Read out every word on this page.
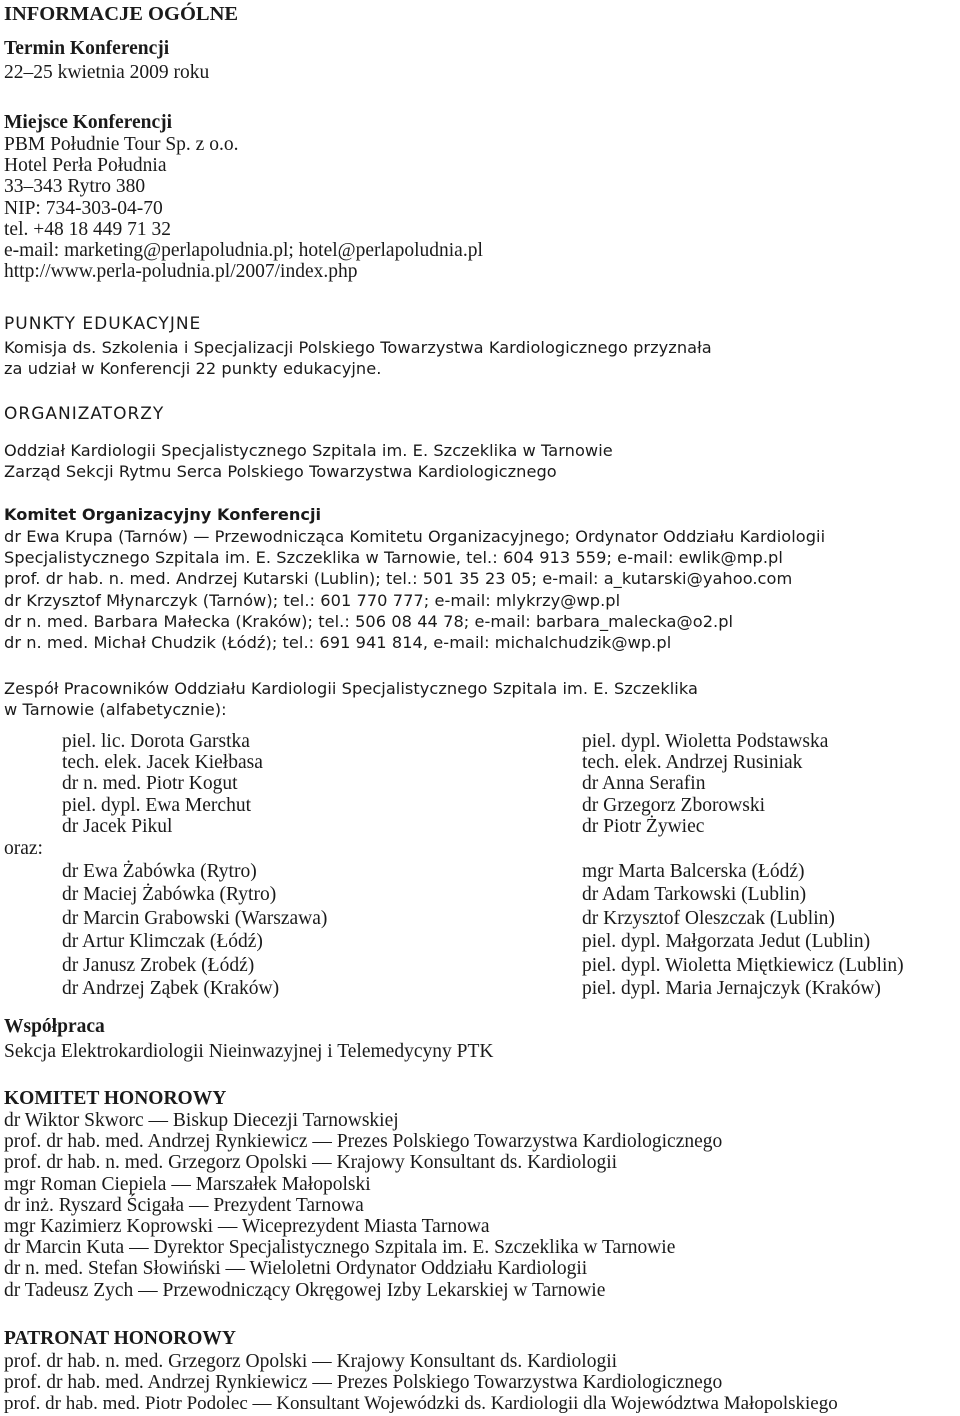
INFORMACJE OGÓLNE
Termin Konferencji
22–25 kwietnia 2009 roku
Miejsce Konferencji
PBM Południe Tour Sp. z o.o.
Hotel Perła Południa
33–343 Rytro 380
NIP: 734-303-04-70
tel. +48 18 449 71 32
e-mail: marketing@perlapoludnia.pl; hotel@perlapoludnia.pl
http://www.perla-poludnia.pl/2007/index.php
PUNKTY EDUKACYJNE
Komisja ds. Szkolenia i Specjalizacji Polskiego Towarzystwa Kardiologicznego przyznała
za udział w Konferencji 22 punkty edukacyjne.
ORGANIZATORZY
Oddział Kardiologii Specjalistycznego Szpitala im. E. Szczeklika w Tarnowie
Zarząd Sekcji Rytmu Serca Polskiego Towarzystwa Kardiologicznego
Komitet Organizacyjny Konferencji
dr Ewa Krupa (Tarnów) — Przewodnicząca Komitetu Organizacyjnego; Ordynator Oddziału Kardiologii
Specjalistycznego Szpitala im. E. Szczeklika w Tarnowie, tel.: 604 913 559; e-mail: ewlik@mp.pl
prof. dr hab. n. med. Andrzej Kutarski (Lublin); tel.: 501 35 23 05; e-mail: a_kutarski@yahoo.com
dr Krzysztof Młynarczyk (Tarnów); tel.: 601 770 777; e-mail: mlykrzy@wp.pl
dr n. med. Barbara Małecka (Kraków); tel.: 506 08 44 78; e-mail: barbara_malecka@o2.pl
dr n. med. Michał Chudzik (Łódź); tel.: 691 941 814, e-mail: michalchudzik@wp.pl
Zespół Pracowników Oddziału Kardiologii Specjalistycznego Szpitala im. E. Szczeklika
w Tarnowie (alfabetycznie):
piel. lic. Dorota Garstka
tech. elek. Jacek Kiełbasa
dr n. med. Piotr Kogut
piel. dypl. Ewa Merchut
dr Jacek Pikul
piel. dypl. Wioletta Podstawska
tech. elek. Andrzej Rusiniak
dr Anna Serafin
dr Grzegorz Zborowski
dr Piotr Żywiec
oraz:
dr Ewa Żabówka (Rytro)
dr Maciej Żabówka (Rytro)
dr Marcin Grabowski (Warszawa)
dr Artur Klimczak (Łódź)
dr Janusz Zrobek (Łódź)
dr Andrzej Ząbek (Kraków)
mgr Marta Balcerska (Łódź)
dr Adam Tarkowski (Lublin)
dr Krzysztof Oleszczak (Lublin)
piel. dypl. Małgorzata Jedut (Lublin)
piel. dypl. Wioletta Miętkiewicz (Lublin)
piel. dypl. Maria Jernajczyk (Kraków)
Współpraca
Sekcja Elektrokardiologii Nieinwazyjnej i Telemedycyny PTK
KOMITET HONOROWY
dr Wiktor Skworc — Biskup Diecezji Tarnowskiej
prof. dr hab. med. Andrzej Rynkiewicz — Prezes Polskiego Towarzystwa Kardiologicznego
prof. dr hab. n. med. Grzegorz Opolski — Krajowy Konsultant ds. Kardiologii
mgr Roman Ciepiela — Marszałek Małopolski
dr inż. Ryszard Ścigała — Prezydent Tarnowa
mgr Kazimierz Koprowski — Wiceprezydent Miasta Tarnowa
dr Marcin Kuta — Dyrektor Specjalistycznego Szpitala im. E. Szczeklika w Tarnowie
dr n. med. Stefan Słowiński — Wieloletni Ordynator Oddziału Kardiologii
dr Tadeusz Zych — Przewodniczący Okręgowej Izby Lekarskiej w Tarnowie
PATRONAT HONOROWY
prof. dr hab. n. med. Grzegorz Opolski — Krajowy Konsultant ds. Kardiologii
prof. dr hab. med. Andrzej Rynkiewicz — Prezes Polskiego Towarzystwa Kardiologicznego
prof. dr hab. med. Piotr Podolec — Konsultant Wojewódzki ds. Kardiologii dla Województwa Małopolskiego
